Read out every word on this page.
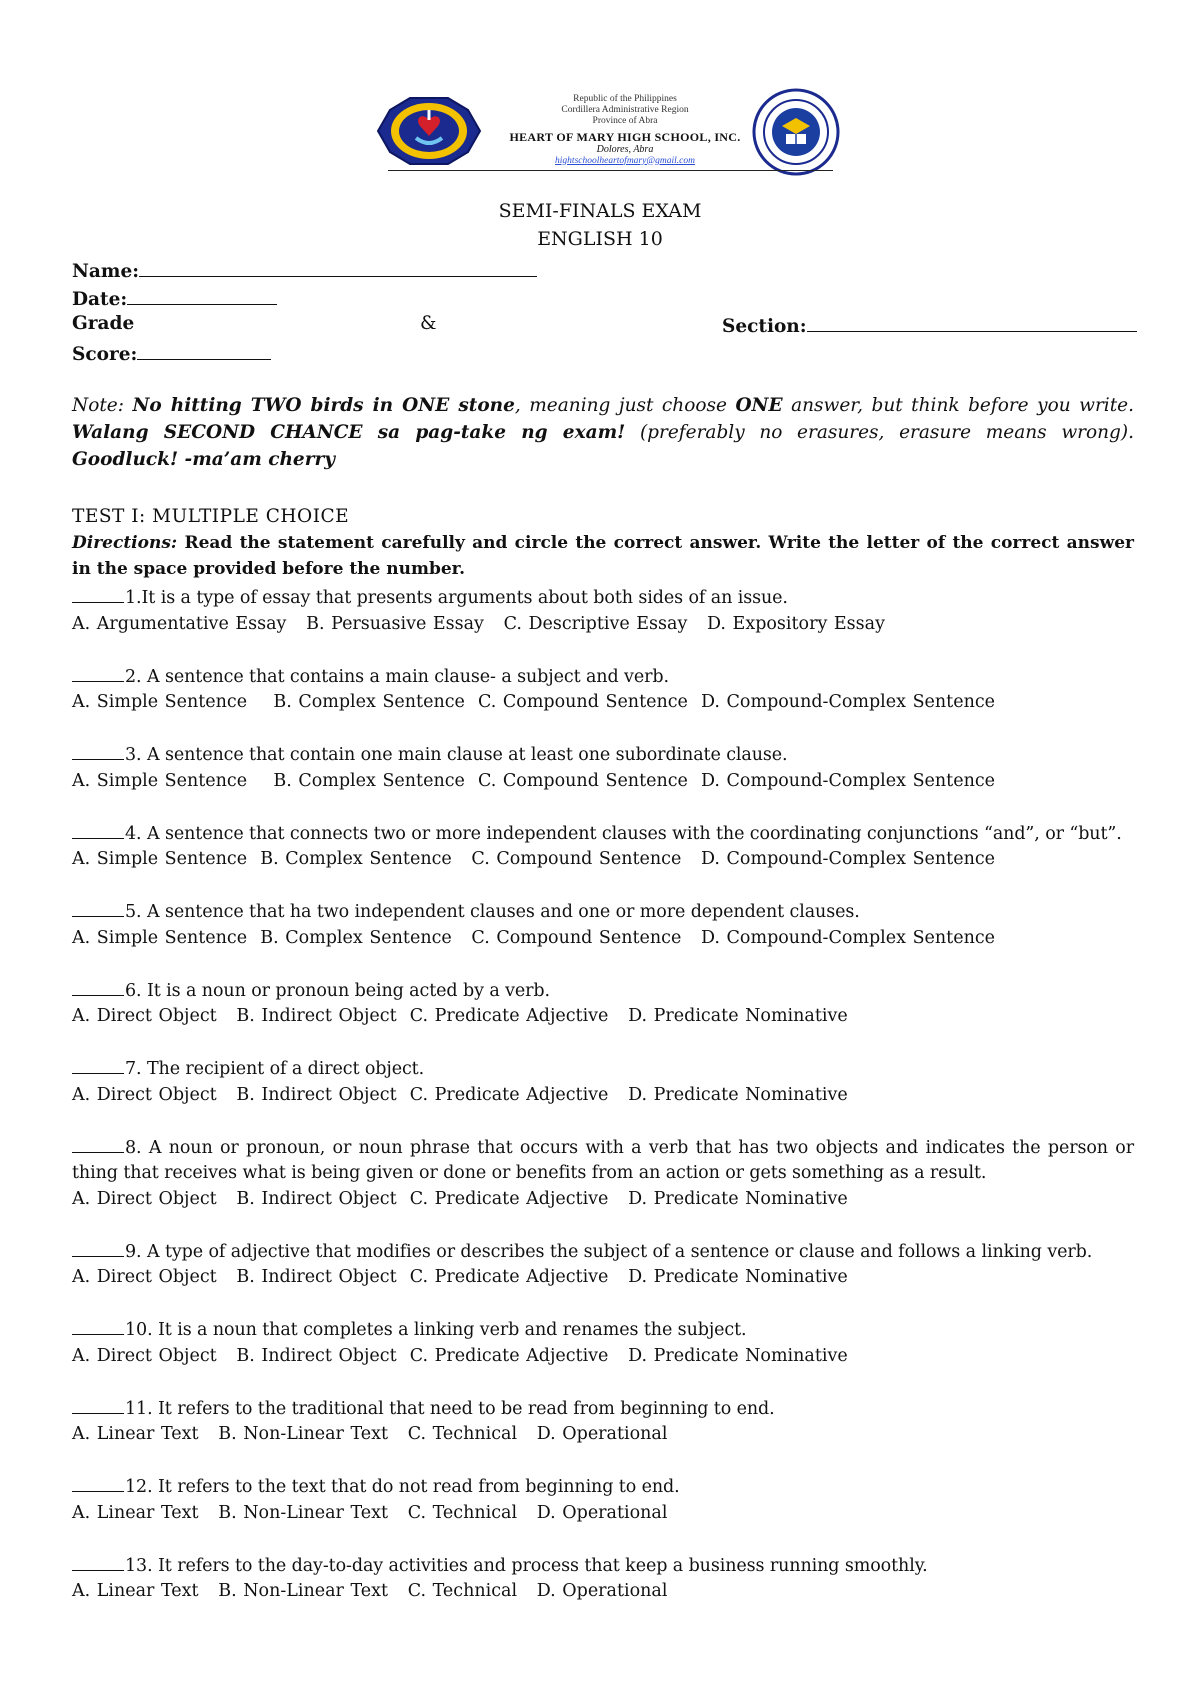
Republic of the Philippines
Cordillera Administrative Region
Province of Abra
HEART OF MARY HIGH SCHOOL, INC.
Dolores, Abra
hightschoolheartofmary@gmail.com
SEMI-FINALS EXAM
ENGLISH 10
Name:
Date:
Grade	&	Section:
Score:
Note: No hitting TWO birds in ONE stone, meaning just choose ONE answer, but think before you write. Walang SECOND CHANCE sa pag-take ng exam! (preferably no erasures, erasure means wrong). Goodluck! -ma’am cherry
TEST I: MULTIPLE CHOICE
Directions: Read the statement carefully and circle the correct answer. Write the letter of the correct answer in the space provided before the number.
1.It is a type of essay that presents arguments about both sides of an issue.
A. Argumentative Essay   B. Persuasive Essay   C. Descriptive Essay   D. Expository Essay
2. A sentence that contains a main clause- a subject and verb.
A. Simple Sentence    B. Complex Sentence  C. Compound Sentence  D. Compound-Complex Sentence
3. A sentence that contain one main clause at least one subordinate clause.
A. Simple Sentence    B. Complex Sentence  C. Compound Sentence  D. Compound-Complex Sentence
4. A sentence that connects two or more independent clauses with the coordinating conjunctions “and”, or “but”.
A. Simple Sentence  B. Complex Sentence   C. Compound Sentence   D. Compound-Complex Sentence
5. A sentence that ha two independent clauses and one or more dependent clauses.
A. Simple Sentence  B. Complex Sentence   C. Compound Sentence   D. Compound-Complex Sentence
6. It is a noun or pronoun being acted by a verb.
A. Direct Object   B. Indirect Object  C. Predicate Adjective   D. Predicate Nominative
7. The recipient of a direct object.
A. Direct Object   B. Indirect Object  C. Predicate Adjective   D. Predicate Nominative
8. A noun or pronoun, or noun phrase that occurs with a verb that has two objects and indicates the person or thing that receives what is being given or done or benefits from an action or gets something as a result.
A. Direct Object   B. Indirect Object  C. Predicate Adjective   D. Predicate Nominative
9. A type of adjective that modifies or describes the subject of a sentence or clause and follows a linking verb.
A. Direct Object   B. Indirect Object  C. Predicate Adjective   D. Predicate Nominative
10. It is a noun that completes a linking verb and renames the subject.
A. Direct Object   B. Indirect Object  C. Predicate Adjective   D. Predicate Nominative
11. It refers to the traditional that need to be read from beginning to end.
A. Linear Text   B. Non-Linear Text   C. Technical   D. Operational
12. It refers to the text that do not read from beginning to end.
A. Linear Text   B. Non-Linear Text   C. Technical   D. Operational
13. It refers to the day-to-day activities and process that keep a business running smoothly.
A. Linear Text   B. Non-Linear Text   C. Technical   D. Operational
